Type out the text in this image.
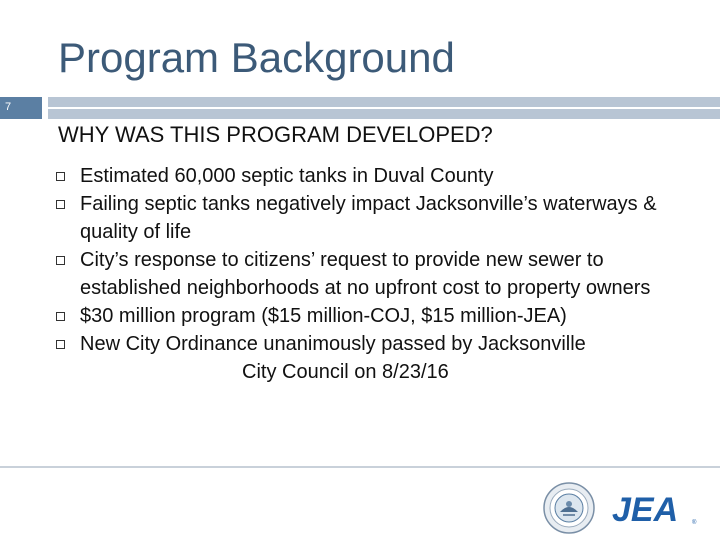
Program Background
7
WHY WAS THIS PROGRAM DEVELOPED?
Estimated 60,000 septic tanks in Duval County
Failing septic tanks negatively impact Jacksonville’s waterways & quality of life
City’s response to citizens’ request to provide new sewer to established neighborhoods at no upfront cost to property owners
$30 million program ($15 million-COJ, $15 million-JEA)
New City Ordinance unanimously passed by JacksonvilleCity Council on 8/23/16
JEA ®
